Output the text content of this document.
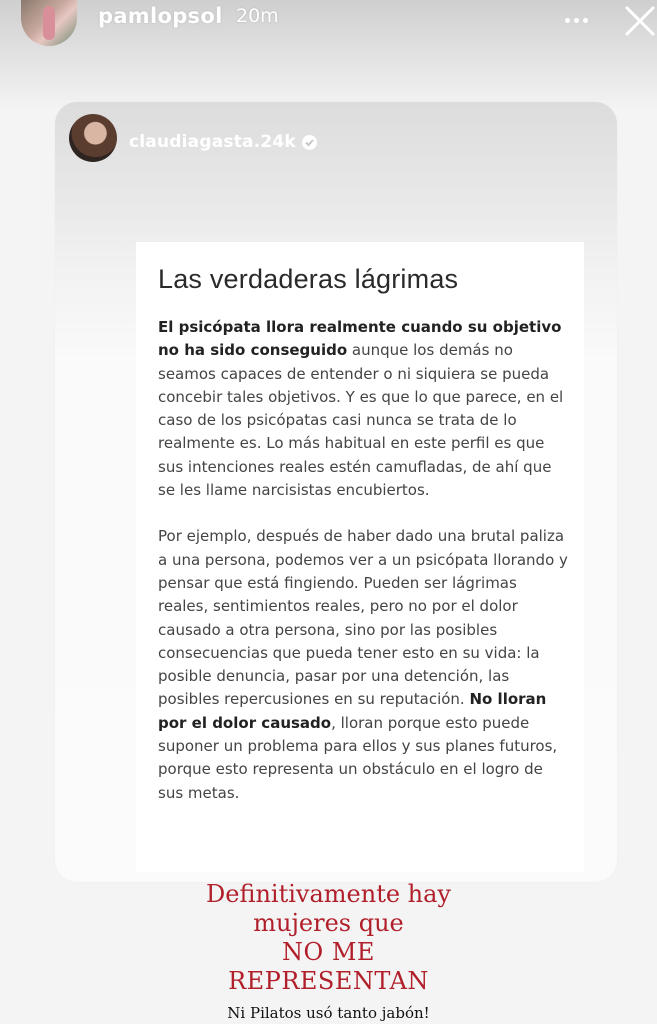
pamlopsol 20m
claudiagasta.24k
Las verdaderas lágrimas

El psicópata llora realmente cuando su objetivo no ha sido conseguido aunque los demás no seamos capaces de entender o ni siquiera se pueda concebir tales objetivos. Y es que lo que parece, en el caso de los psicópatas casi nunca se trata de lo realmente es. Lo más habitual en este perfil es que sus intenciones reales estén camufladas, de ahí que se les llame narcisistas encubiertos.

Por ejemplo, después de haber dado una brutal paliza a una persona, podemos ver a un psicópata llorando y pensar que está fingiendo. Pueden ser lágrimas reales, sentimientos reales, pero no por el dolor causado a otra persona, sino por las posibles consecuencias que pueda tener esto en su vida: la posible denuncia, pasar por una detención, las posibles repercusiones en su reputación. No lloran por el dolor causado, lloran porque esto puede suponer un problema para ellos y sus planes futuros, porque esto representa un obstáculo en el logro de sus metas.

Definitivamente hay
mujeres que
NO ME
REPRESENTAN
Ni Pilatos usó tanto jabón!
